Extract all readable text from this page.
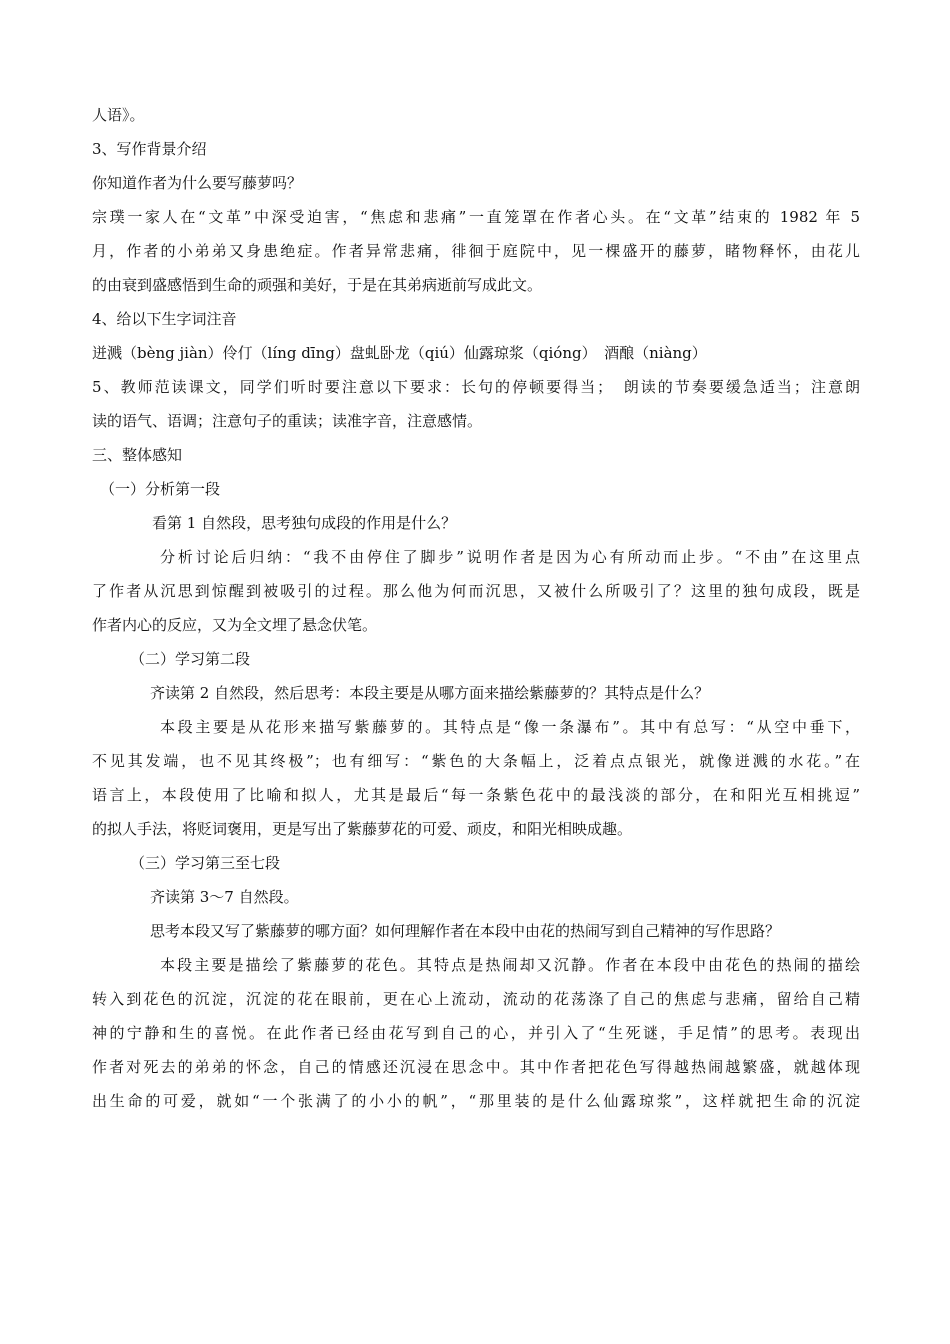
人语》。

3、写作背景介绍

你知道作者为什么要写藤萝吗？

宗璞一家人在“文革”中深受迫害，“焦虑和悲痛”一直笼罩在作者心头。在“文革”结束的 1982 年 5

月，作者的小弟弟又身患绝症。作者异常悲痛，徘徊于庭院中，见一棵盛开的藤萝，睹物释怀，由花儿

的由衰到盛感悟到生命的顽强和美好，于是在其弟病逝前写成此文。

4、给以下生字词注音

迸溅（bèng jiàn）伶仃（líng dīng）盘虬卧龙（qiú）仙露琼浆（qióng）　酒酿（niàng）

5、教师范读课文，同学们听时要注意以下要求：长句的停顿要得当；　朗读的节奏要缓急适当；注意朗

读的语气、语调；注意句子的重读；读准字音，注意感情。

三、整体感知

（一）分析第一段

看第 1 自然段，思考独句成段的作用是什么？

分析讨论后归纳：“我不由停住了脚步”说明作者是因为心有所动而止步。“不由”在这里点

了作者从沉思到惊醒到被吸引的过程。那么他为何而沉思，又被什么所吸引了？这里的独句成段，既是

作者内心的反应，又为全文埋了悬念伏笔。

（二）学习第二段

齐读第 2 自然段，然后思考：本段主要是从哪方面来描绘紫藤萝的？其特点是什么？

本段主要是从花形来描写紫藤萝的。其特点是“像一条瀑布”。其中有总写：“从空中垂下，

不见其发端，也不见其终极”；也有细写：“紫色的大条幅上，泛着点点银光，就像迸溅的水花。”在

语言上，本段使用了比喻和拟人，尤其是最后“每一条紫色花中的最浅淡的部分，在和阳光互相挑逗”

的拟人手法，将贬词褒用，更是写出了紫藤萝花的可爱、顽皮，和阳光相映成趣。

（三）学习第三至七段

齐读第 3～7 自然段。

思考本段又写了紫藤萝的哪方面？如何理解作者在本段中由花的热闹写到自己精神的写作思路？

本段主要是描绘了紫藤萝的花色。其特点是热闹却又沉静。作者在本段中由花色的热闹的描绘

转入到花色的沉淀，沉淀的花在眼前，更在心上流动，流动的花荡涤了自己的焦虑与悲痛，留给自己精

神的宁静和生的喜悦。在此作者已经由花写到自己的心，并引入了“生死谜，手足情”的思考。表现出

作者对死去的弟弟的怀念，自己的情感还沉浸在思念中。其中作者把花色写得越热闹越繁盛，就越体现

出生命的可爱，就如“一个张满了的小小的帆”，“那里装的是什么仙露琼浆”，这样就把生命的沉淀
